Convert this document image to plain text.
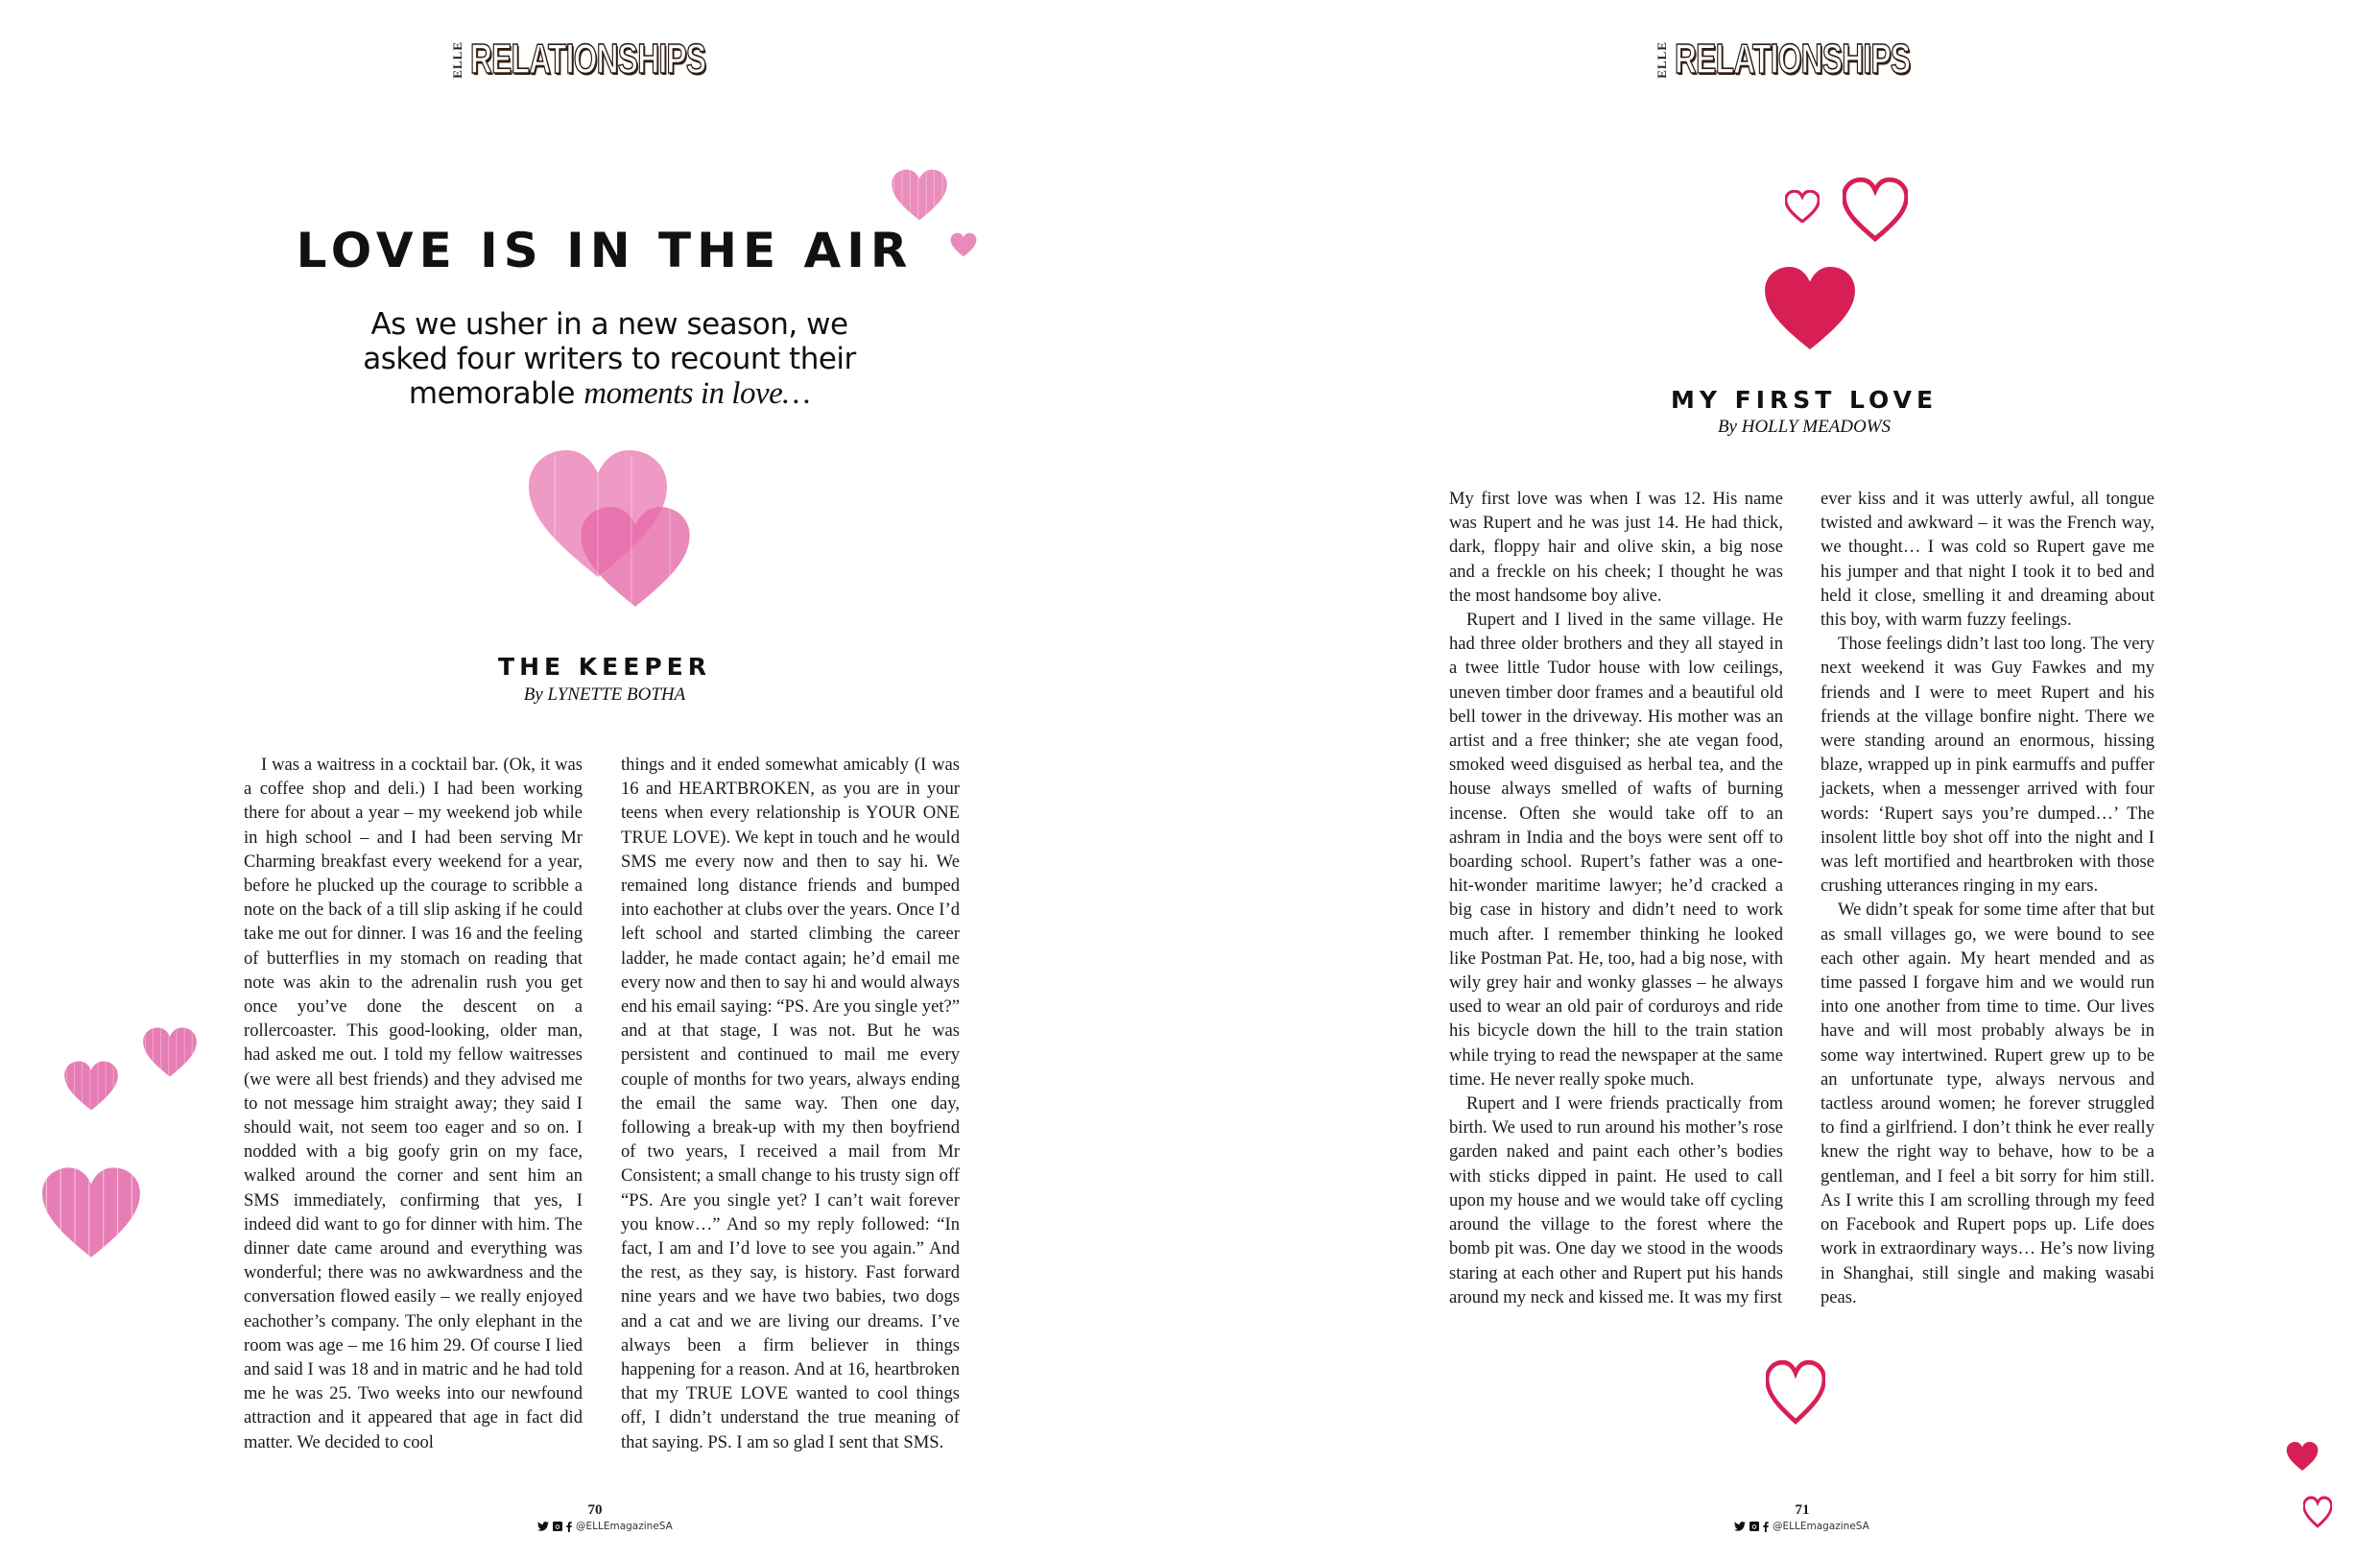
ELLE RELATIONSHIPS
LOVE IS IN THE AIR
As we usher in a new season, we
asked four writers to recount their
memorable moments in love…
THE KEEPER
By LYNETTE BOTHA

I was a waitress in a cocktail bar. (Ok, it was a coffee shop and deli.) I had been working there for about a year – my weekend job while in high school – and I had been serving Mr Charming breakfast every weekend for a year, before he plucked up the courage to scribble a note on the back of a till slip asking if he could take me out for dinner. I was 16 and the feeling of butterflies in my stomach on reading that note was akin to the adrenalin rush you get once you’ve done the descent on a rollercoaster. This good-looking, older man, had asked me out. I told my fellow waitresses (we were all best friends) and they advised me to not message him straight away; they said I should wait, not seem too eager and so on. I nodded with a big goofy grin on my face, walked around the corner and sent him an SMS immediately, confirming that yes, I indeed did want to go for dinner with him. The dinner date came around and everything was wonderful; there was no awkwardness and the conversation flowed easily – we really enjoyed eachother’s company. The only elephant in the room was age – me 16 him 29. Of course I lied and said I was 18 and in matric and he had told me he was 25. Two weeks into our newfound attraction and it appeared that age in fact did matter. We decided to cool

things and it ended somewhat amicably (I was 16 and HEARTBROKEN, as you are in your teens when every relationship is YOUR ONE TRUE LOVE). We kept in touch and he would SMS me every now and then to say hi. We remained long distance friends and bumped into eachother at clubs over the years. Once I’d left school and started climbing the career ladder, he made contact again; he’d email me every now and then to say hi and would always end his email saying: “PS. Are you single yet?” and at that stage, I was not. But he was persistent and continued to mail me every couple of months for two years, always ending the email the same way. Then one day, following a break-up with my then boyfriend of two years, I received a mail from Mr Consistent; a small change to his trusty sign off “PS. Are you single yet? I can’t wait forever you know…” And so my reply followed: “In fact, I am and I’d love to see you again.” And the rest, as they say, is history. Fast forward nine years and we have two babies, two dogs and a cat and we are living our dreams. I’ve always been a firm believer in things happening for a reason. And at 16, heartbroken that my TRUE LOVE wanted to cool things off, I didn’t understand the true meaning of that saying. PS. I am so glad I sent that SMS.

70
@ELLEmagazineSA
ELLE RELATIONSHIPS
MY FIRST LOVE
By HOLLY MEADOWS

My first love was when I was 12. His name was Rupert and he was just 14. He had thick, dark, floppy hair and olive skin, a big nose and a freckle on his cheek; I thought he was the most handsome boy alive.

Rupert and I lived in the same village. He had three older brothers and they all stayed in a twee little Tudor house with low ceilings, uneven timber door frames and a beautiful old bell tower in the driveway. His mother was an artist and a free thinker; she ate vegan food, smoked weed disguised as herbal tea, and the house always smelled of wafts of burning incense. Often she would take off to an ashram in India and the boys were sent off to boarding school. Rupert’s father was a one-hit-wonder maritime lawyer; he’d cracked a big case in history and didn’t need to work much after. I remember thinking he looked like Postman Pat. He, too, had a big nose, with wily grey hair and wonky glasses – he always used to wear an old pair of corduroys and ride his bicycle down the hill to the train station while trying to read the newspaper at the same time. He never really spoke much.

Rupert and I were friends practically from birth. We used to run around his mother’s rose garden naked and paint each other’s bodies with sticks dipped in paint. He used to call upon my house and we would take off cycling around the village to the forest where the bomb pit was. One day we stood in the woods staring at each other and Rupert put his hands around my neck and kissed me. It was my first

ever kiss and it was utterly awful, all tongue twisted and awkward – it was the French way, we thought… I was cold so Rupert gave me his jumper and that night I took it to bed and held it close, smelling it and dreaming about this boy, with warm fuzzy feelings.

Those feelings didn’t last too long. The very next weekend it was Guy Fawkes and my friends and I were to meet Rupert and his friends at the village bonfire night. There we were standing around an enormous, hissing blaze, wrapped up in pink earmuffs and puffer jackets, when a messenger arrived with four words: ‘Rupert says you’re dumped…’ The insolent little boy shot off into the night and I was left mortified and heartbroken with those crushing utterances ringing in my ears.

We didn’t speak for some time after that but as small villages go, we were bound to see each other again. My heart mended and as time passed I forgave him and we would run into one another from time to time. Our lives have and will most probably always be in some way intertwined. Rupert grew up to be an unfortunate type, always nervous and tactless around women; he forever struggled to find a girlfriend. I don’t think he ever really knew the right way to behave, how to be a gentleman, and I feel a bit sorry for him still. As I write this I am scrolling through my feed on Facebook and Rupert pops up. Life does work in extraordinary ways… He’s now living in Shanghai, still single and making wasabi peas.

71
@ELLEmagazineSA
